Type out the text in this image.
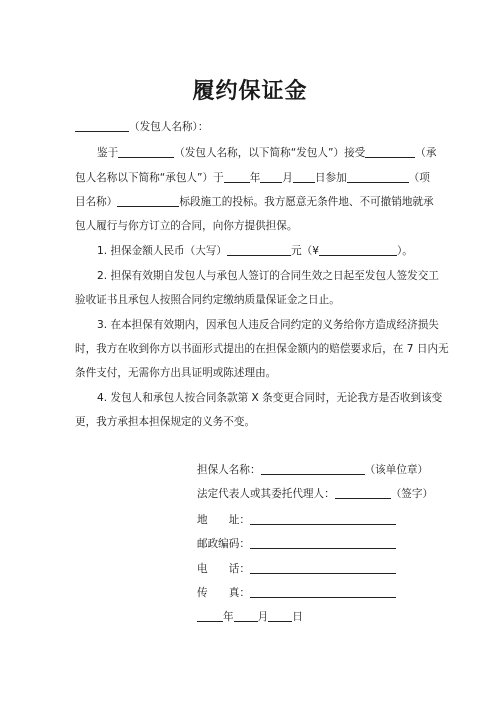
履约保证金
（发包人名称）：
鉴于	（发包人名称，以下简称“发包人”）接受	（承
包人名称以下简称“承包人”）于 年 月 日参加	（项
目名称）	标段施工的投标。我方愿意无条件地、不可撤销地就承
包人履行与你方订立的合同，向你方提供担保。
1. 担保金额人民币（大写）	元（¥	）。
2. 担保有效期自发包人与承包人签订的合同生效之日起至发包人签发交工
验收证书且承包人按照合同约定缴纳质量保证金之日止。
3. 在本担保有效期内，因承包人违反合同约定的义务给你方造成经济损失
时，我方在收到你方以书面形式提出的在担保金额内的赔偿要求后，在 7 日内无
条件支付，无需你方出具证明或陈述理由。
4. 发包人和承包人按合同条款第 X 条变更合同时，无论我方是否收到该变
更，我方承担本担保规定的义务不变。
担保人名称：	（该单位章）
法定代表人或其委托代理人：	（签字）
地　　址：
邮政编码：
电　　话：
传　　真：
年 月 日
